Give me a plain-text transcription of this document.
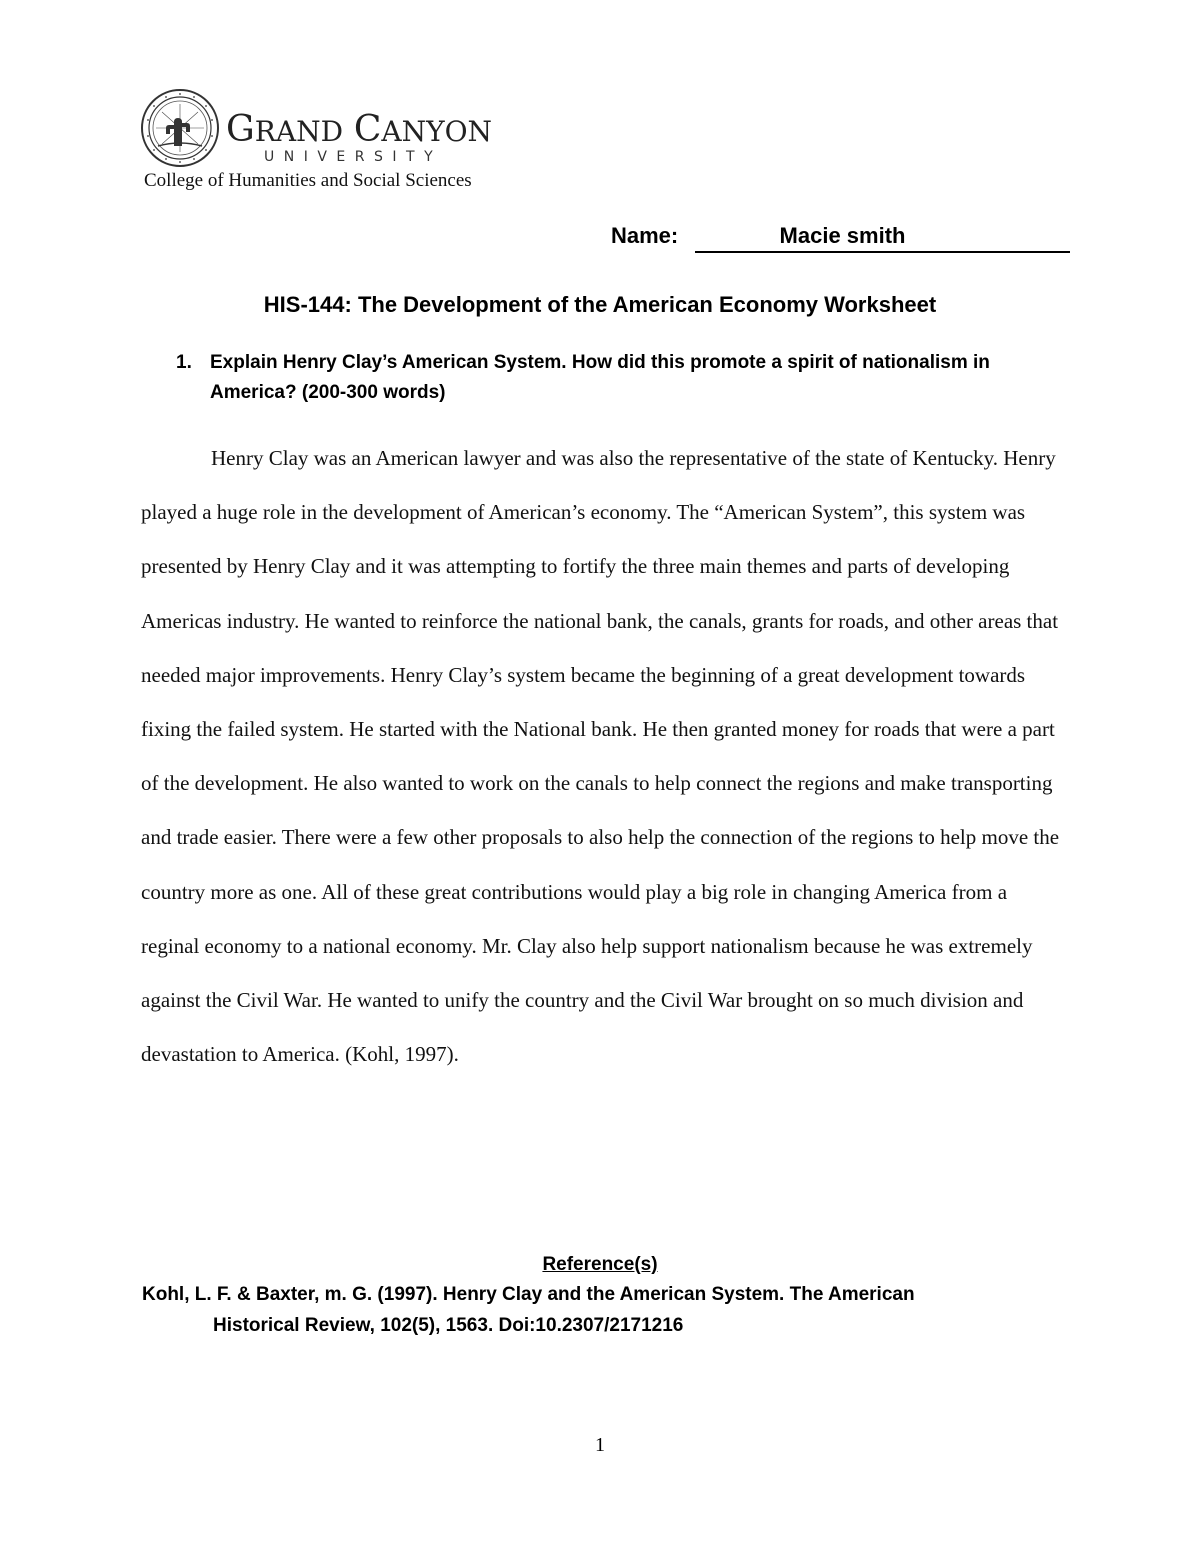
GRAND CANYON
UNIVERSITY
College of Humanities and Social Sciences
Name:	Macie smith
HIS-144: The Development of the American Economy Worksheet
1. Explain Henry Clay’s American System. How did this promote a spirit of nationalism in America? (200-300 words)

Henry Clay was an American lawyer and was also the representative of the state of Kentucky. Henry played a huge role in the development of American’s economy. The “American System”, this system was presented by Henry Clay and it was attempting to fortify the three main themes and parts of developing Americas industry. He wanted to reinforce the national bank, the canals, grants for roads, and other areas that needed major improvements. Henry Clay’s system became the beginning of a great development towards fixing the failed system. He started with the National bank. He then granted money for roads that were a part of the development. He also wanted to work on the canals to help connect the regions and make transporting and trade easier. There were a few other proposals to also help the connection of the regions to help move the country more as one. All of these great contributions would play a big role in changing America from a reginal economy to a national economy. Mr. Clay also help support nationalism because he was extremely against the Civil War. He wanted to unify the country and the Civil War brought on so much division and devastation to America. (Kohl, 1997).

Reference(s)
Kohl, L. F. & Baxter, m. G. (1997). Henry Clay and the American System. The American Historical Review, 102(5), 1563. Doi:10.2307/2171216
1
